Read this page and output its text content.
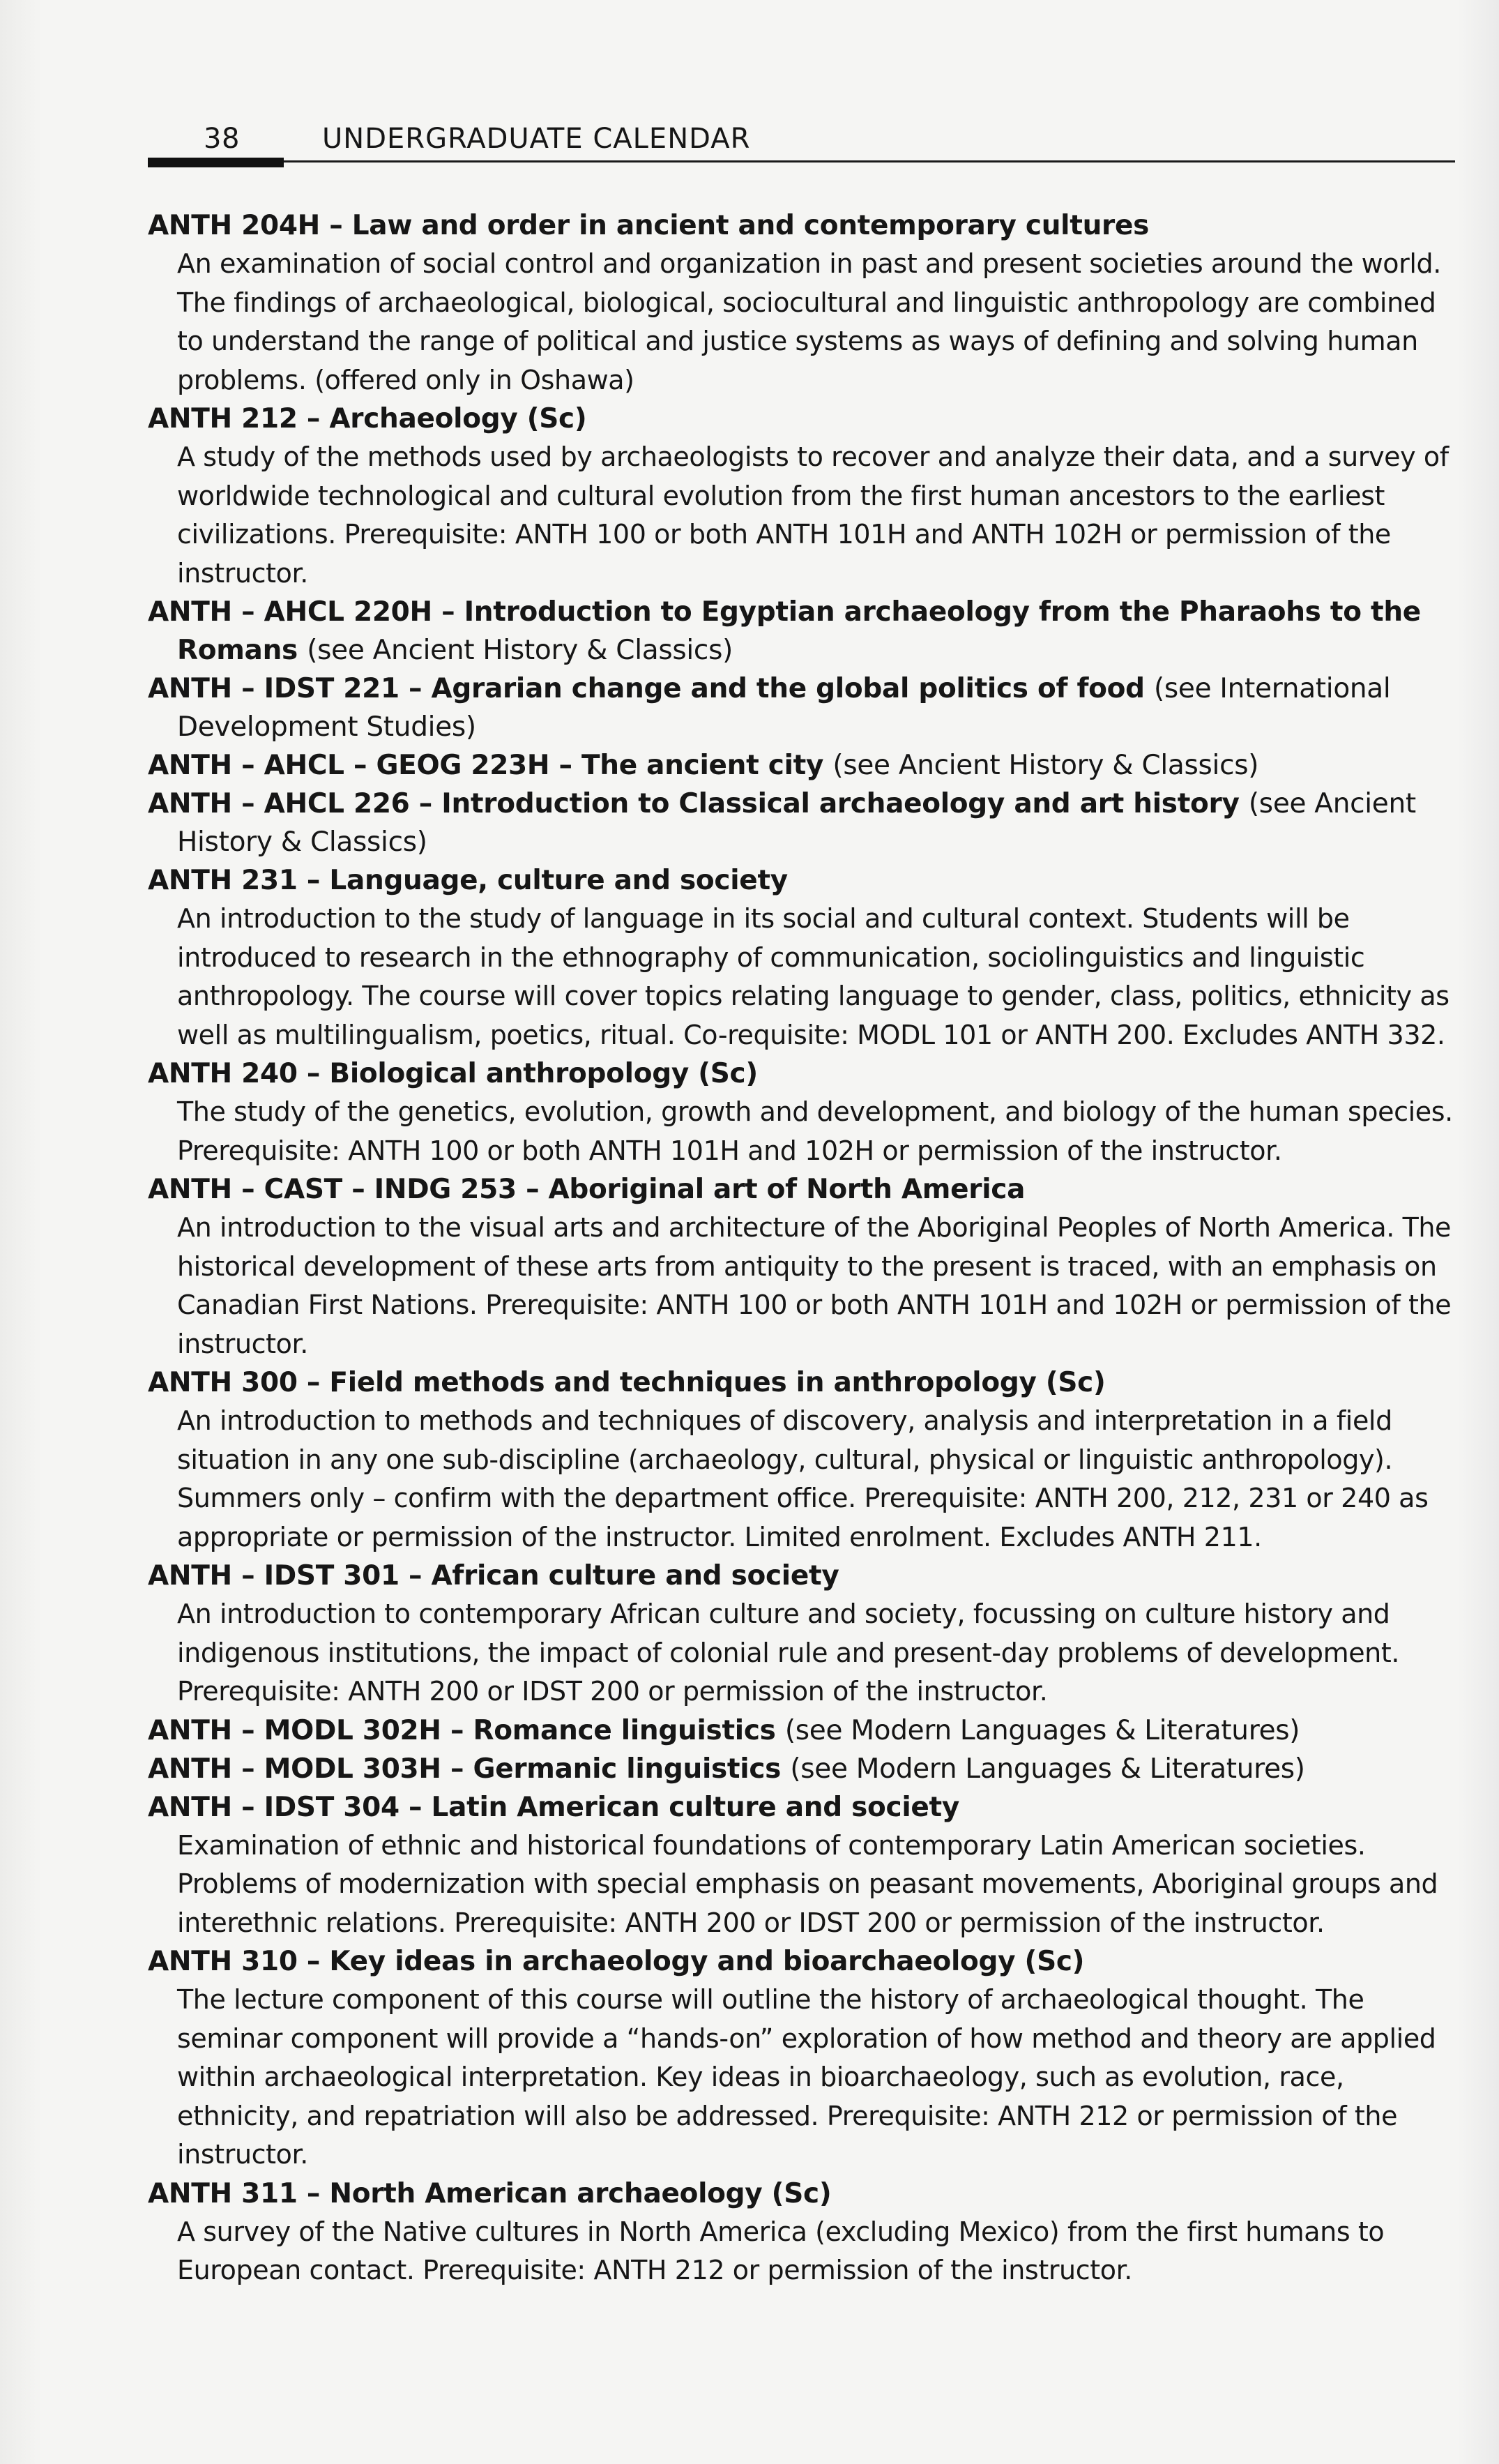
38	UNDERGRADUATE CALENDAR
ANTH 204H – Law and order in ancient and contemporary cultures
An examination of social control and organization in past and present societies around the world. The findings of archaeological, biological, sociocultural and linguistic anthropology are combined to understand the range of political and justice systems as ways of defining and solving human problems. (offered only in Oshawa)
ANTH 212 – Archaeology (Sc)
A study of the methods used by archaeologists to recover and analyze their data, and a survey of worldwide technological and cultural evolution from the first human ancestors to the earliest civilizations. Prerequisite: ANTH 100 or both ANTH 101H and ANTH 102H or permission of the instructor.
ANTH – AHCL 220H – Introduction to Egyptian archaeology from the Pharaohs to the Romans (see Ancient History & Classics)
ANTH – IDST 221 – Agrarian change and the global politics of food (see International Development Studies)
ANTH – AHCL – GEOG 223H – The ancient city (see Ancient History & Classics)
ANTH – AHCL 226 – Introduction to Classical archaeology and art history (see Ancient History & Classics)
ANTH 231 – Language, culture and society
An introduction to the study of language in its social and cultural context. Students will be introduced to research in the ethnography of communication, sociolinguistics and linguistic anthropology. The course will cover topics relating language to gender, class, politics, ethnicity as well as multilingualism, poetics, ritual. Co-requisite: MODL 101 or ANTH 200. Excludes ANTH 332.
ANTH 240 – Biological anthropology (Sc)
The study of the genetics, evolution, growth and development, and biology of the human species. Prerequisite: ANTH 100 or both ANTH 101H and 102H or permission of the instructor.
ANTH – CAST – INDG 253 – Aboriginal art of North America
An introduction to the visual arts and architecture of the Aboriginal Peoples of North America. The historical development of these arts from antiquity to the present is traced, with an emphasis on Canadian First Nations. Prerequisite: ANTH 100 or both ANTH 101H and 102H or permission of the instructor.
ANTH 300 – Field methods and techniques in anthropology (Sc)
An introduction to methods and techniques of discovery, analysis and interpretation in a field situation in any one sub-discipline (archaeology, cultural, physical or linguistic anthropology). Summers only – confirm with the department office. Prerequisite: ANTH 200, 212, 231 or 240 as appropriate or permission of the instructor. Limited enrolment. Excludes ANTH 211.
ANTH – IDST 301 – African culture and society
An introduction to contemporary African culture and society, focussing on culture history and indigenous institutions, the impact of colonial rule and present-day problems of development. Prerequisite: ANTH 200 or IDST 200 or permission of the instructor.
ANTH – MODL 302H – Romance linguistics (see Modern Languages & Literatures)
ANTH – MODL 303H – Germanic linguistics (see Modern Languages & Literatures)
ANTH – IDST 304 – Latin American culture and society
Examination of ethnic and historical foundations of contemporary Latin American societies. Problems of modernization with special emphasis on peasant movements, Aboriginal groups and interethnic relations. Prerequisite: ANTH 200 or IDST 200 or permission of the instructor.
ANTH 310 – Key ideas in archaeology and bioarchaeology (Sc)
The lecture component of this course will outline the history of archaeological thought. The seminar component will provide a “hands-on” exploration of how method and theory are applied within archaeological interpretation. Key ideas in bioarchaeology, such as evolution, race, ethnicity, and repatriation will also be addressed. Prerequisite: ANTH 212 or permission of the instructor.
ANTH 311 – North American archaeology (Sc)
A survey of the Native cultures in North America (excluding Mexico) from the first humans to European contact. Prerequisite: ANTH 212 or permission of the instructor.
